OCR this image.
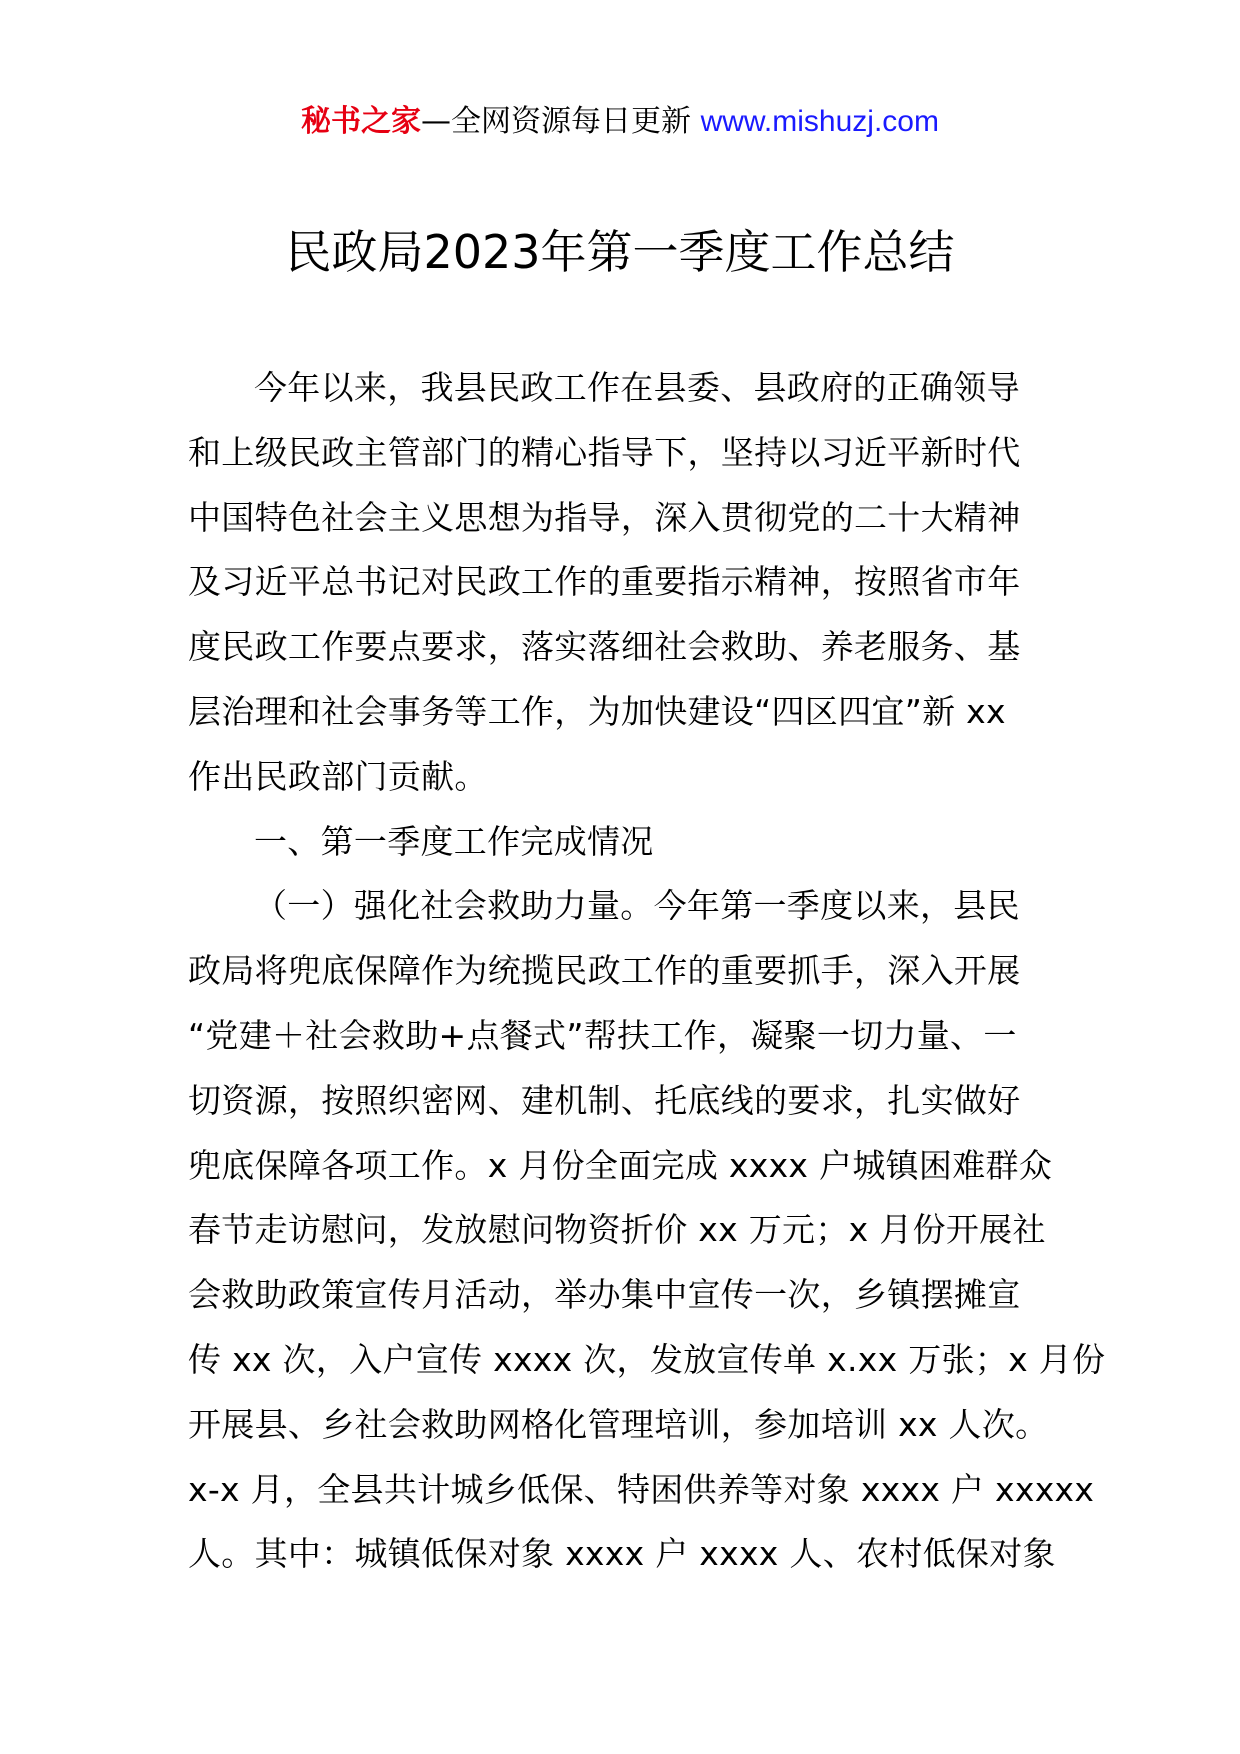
秘书之家—全网资源每日更新 www.mishuzj.com
民政局2023年第一季度工作总结
今年以来，我县民政工作在县委、县政府的正确领导
和上级民政主管部门的精心指导下，坚持以习近平新时代
中国特色社会主义思想为指导，深入贯彻党的二十大精神
及习近平总书记对民政工作的重要指示精神，按照省市年
度民政工作要点要求，落实落细社会救助、养老服务、基
层治理和社会事务等工作，为加快建设“四区四宜”新 xx
作出民政部门贡献。
一、第一季度工作完成情况
（一）强化社会救助力量。今年第一季度以来，县民
政局将兜底保障作为统揽民政工作的重要抓手，深入开展
“党建＋社会救助+点餐式”帮扶工作，凝聚一切力量、一
切资源，按照织密网、建机制、托底线的要求，扎实做好
兜底保障各项工作。x 月份全面完成 xxxx 户城镇困难群众
春节走访慰问，发放慰问物资折价 xx 万元；x 月份开展社
会救助政策宣传月活动，举办集中宣传一次，乡镇摆摊宣
传 xx 次，入户宣传 xxxx 次，发放宣传单 x.xx 万张；x 月份
开展县、乡社会救助网格化管理培训，参加培训 xx 人次。
x-x 月，全县共计城乡低保、特困供养等对象 xxxx 户 xxxxx
人。其中：城镇低保对象 xxxx 户 xxxx 人、农村低保对象
